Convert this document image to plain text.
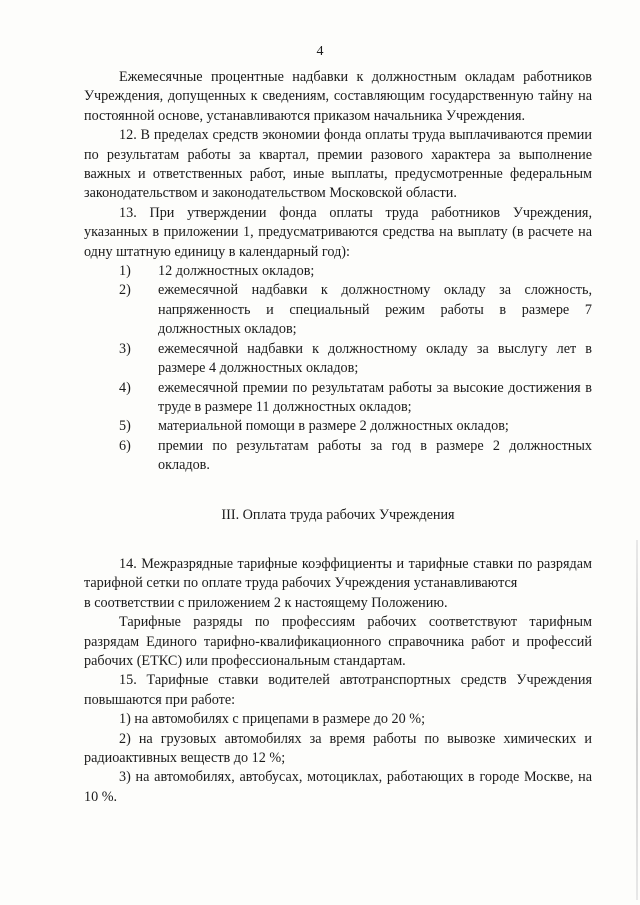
4

Ежемесячные процентные надбавки к должностным окладам работников Учреждения, допущенных к сведениям, составляющим государственную тайну на постоянной основе, устанавливаются приказом начальника Учреждения.

12. В пределах средств экономии фонда оплаты труда выплачиваются премии по результатам работы за квартал, премии разового характера за выполнение важных и ответственных работ, иные выплаты, предусмотренные федеральным законодательством и законодательством Московской области.

13. При утверждении фонда оплаты труда работников Учреждения, указанных в приложении 1, предусматриваются средства на выплату (в расчете на одну штатную единицу в календарный год):

1)	12 должностных окладов;
2)	ежемесячной надбавки к должностному окладу за сложность, напряженность и специальный режим работы в размере 7 должностных окладов;
3)	ежемесячной надбавки к должностному окладу за выслугу лет в размере 4 должностных окладов;
4)	ежемесячной премии по результатам работы за высокие достижения в труде в размере 11 должностных окладов;
5)	материальной помощи в размере 2 должностных окладов;
6)	премии по результатам работы за год в размере 2 должностных окладов.

III. Оплата труда рабочих Учреждения

14. Межразрядные тарифные коэффициенты и тарифные ставки по разрядам тарифной сетки по оплате труда рабочих Учреждения устанавливаются

в соответствии с приложением 2 к настоящему Положению.

Тарифные разряды по профессиям рабочих соответствуют тарифным разрядам Единого тарифно-квалификационного справочника работ и профессий рабочих (ЕТКС) или профессиональным стандартам.

15. Тарифные ставки водителей автотранспортных средств Учреждения повышаются при работе:

1) на автомобилях с прицепами в размере до 20 %;

2) на грузовых автомобилях за время работы по вывозке химических и радиоактивных веществ до 12 %;

3) на автомобилях, автобусах, мотоциклах, работающих в городе Москве, на 10 %.
